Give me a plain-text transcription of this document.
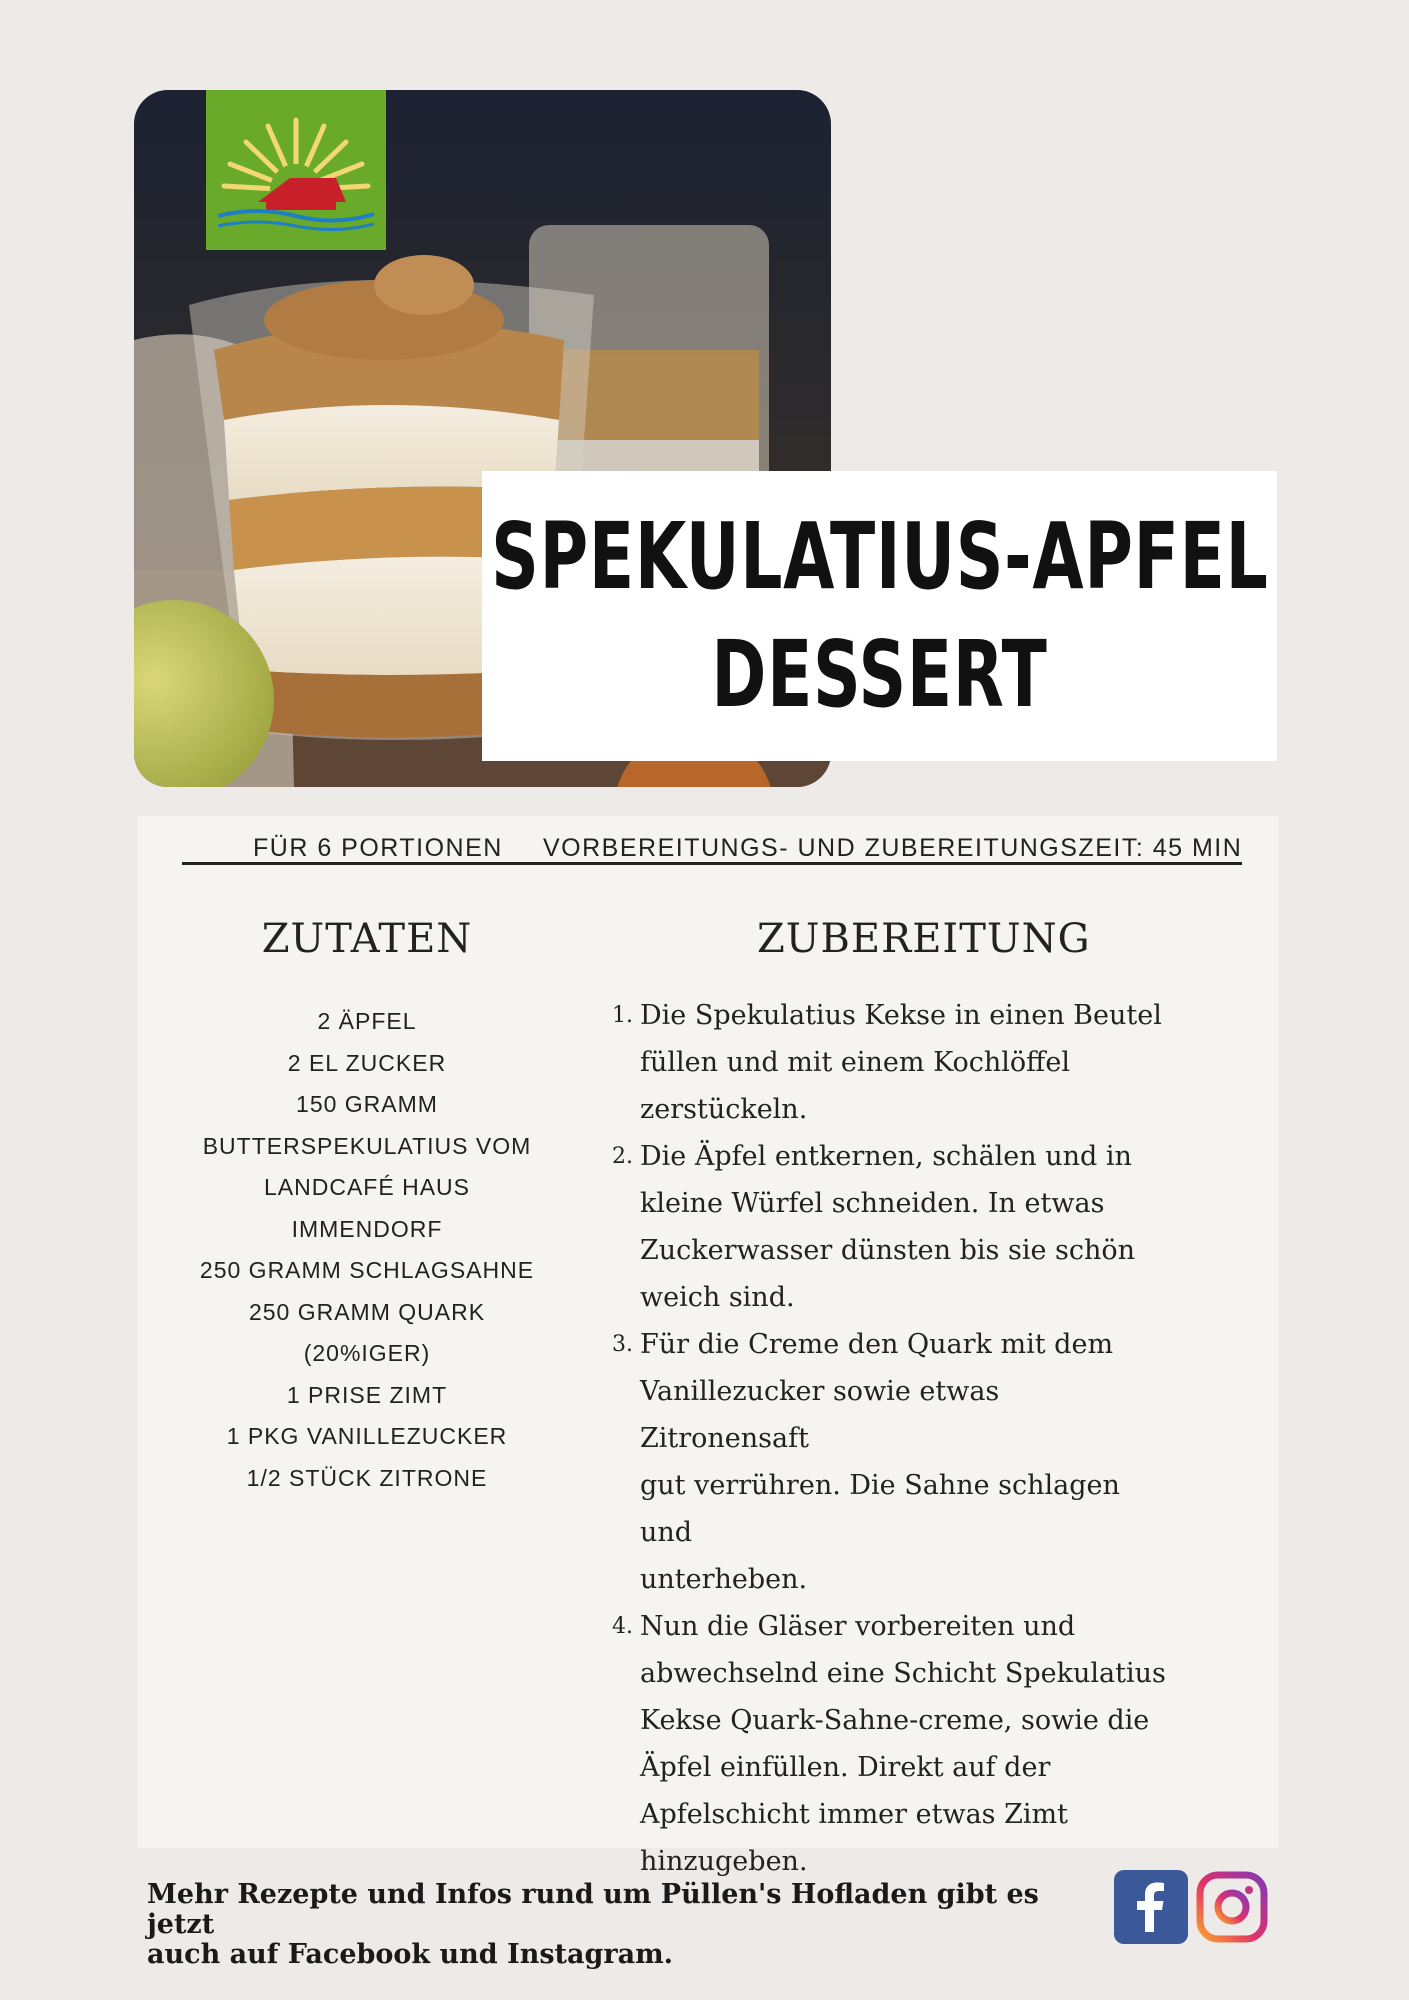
SPEKULATIUS-APFEL
DESSERT
FÜR 6 PORTIONEN VORBEREITUNGS- UND ZUBEREITUNGSZEIT: 45 MIN
ZUTATEN	ZUBEREITUNG
2 ÄPFEL
2 EL ZUCKER
150 GRAMM
BUTTERSPEKULATIUS VOM
LANDCAFÉ HAUS
IMMENDORF
250 GRAMM SCHLAGSAHNE
250 GRAMM QUARK
(20%IGER)
1 PRISE ZIMT
1 PKG VANILLEZUCKER
1/2 STÜCK ZITRONE
1. Die Spekulatius Kekse in einen Beutel
füllen und mit einem Kochlöffel
zerstückeln.
2. Die Äpfel entkernen, schälen und in
kleine Würfel schneiden. In etwas
Zuckerwasser dünsten bis sie schön
weich sind.
3. Für die Creme den Quark mit dem
Vanillezucker sowie etwas Zitronensaft
gut verrühren. Die Sahne schlagen und
unterheben.
4. Nun die Gläser vorbereiten und
abwechselnd eine Schicht Spekulatius
Kekse Quark-Sahne-creme, sowie die
Äpfel einfüllen. Direkt auf der
Apfelschicht immer etwas Zimt
hinzugeben.
Mehr Rezepte und Infos rund um Püllen's Hofladen gibt es jetzt
auch auf Facebook und Instagram.
